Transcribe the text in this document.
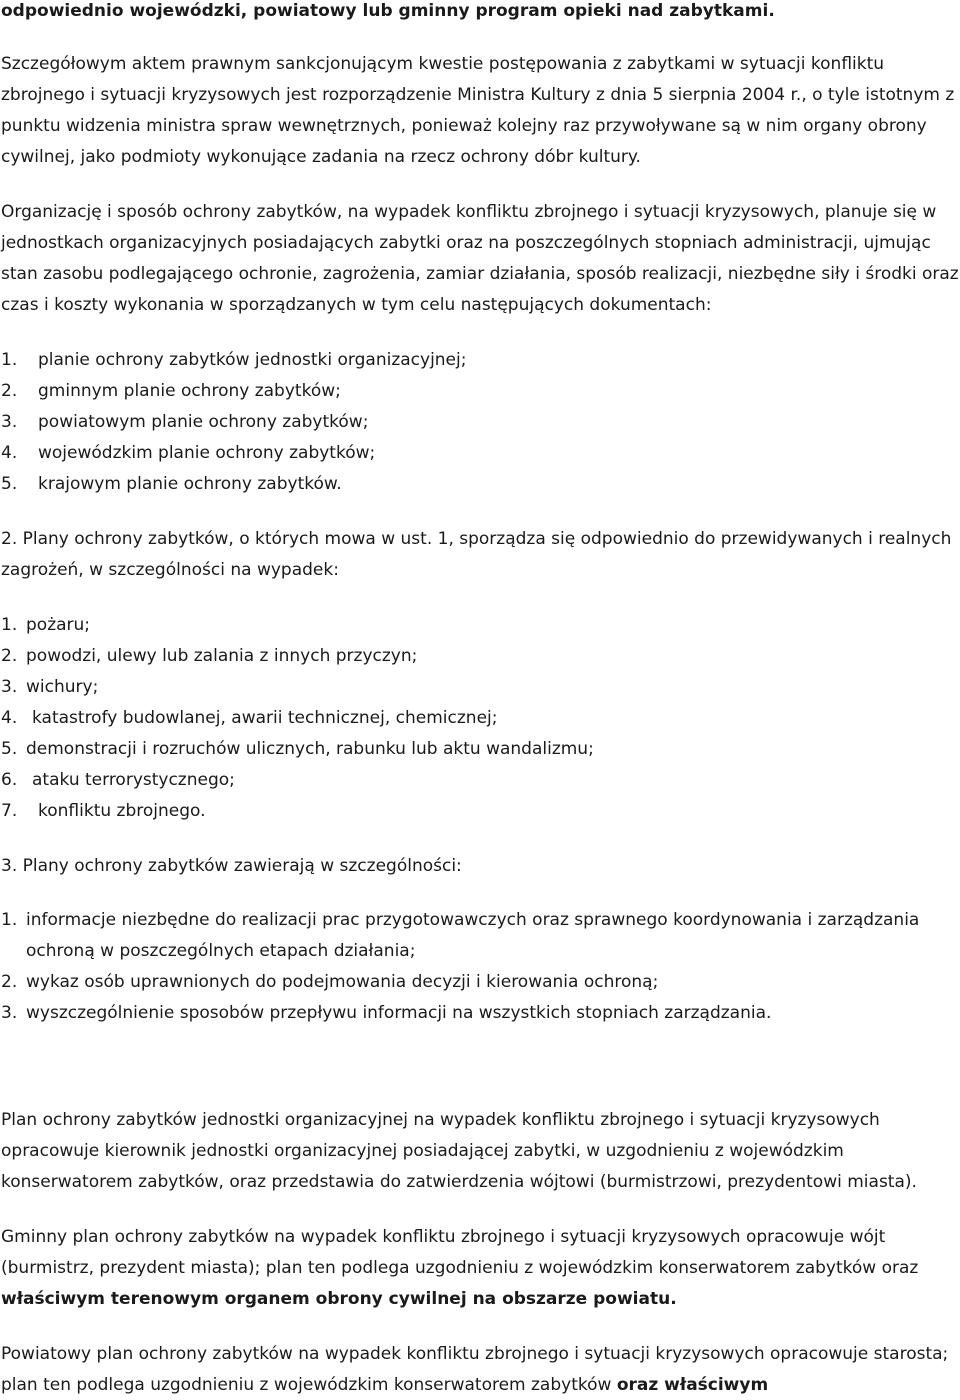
odpowiednio wojewódzki, powiatowy lub gminny program opieki nad zabytkami.
Szczegółowym aktem prawnym sankcjonującym kwestie postępowania z zabytkami w sytuacji konfliktu zbrojnego i sytuacji kryzysowych jest rozporządzenie Ministra Kultury z dnia 5 sierpnia 2004 r., o tyle istotnym z punktu widzenia ministra spraw wewnętrznych, ponieważ kolejny raz przywoływane są w nim organy obrony cywilnej, jako podmioty wykonujące zadania na rzecz ochrony dóbr kultury.
Organizację i sposób ochrony zabytków, na wypadek konfliktu zbrojnego i sytuacji kryzysowych, planuje się w jednostkach organizacyjnych posiadających zabytki oraz na poszczególnych stopniach administracji, ujmując stan zasobu podlegającego ochronie, zagrożenia, zamiar działania, sposób realizacji, niezbędne siły i środki oraz czas i koszty wykonania w sporządzanych w tym celu następujących dokumentach:
1. planie ochrony zabytków jednostki organizacyjnej;
2. gminnym planie ochrony zabytków;
3. powiatowym planie ochrony zabytków;
4. wojewódzkim planie ochrony zabytków;
5. krajowym planie ochrony zabytków.
2. Plany ochrony zabytków, o których mowa w ust. 1, sporządza się odpowiednio do przewidywanych i realnych zagrożeń, w szczególności na wypadek:
1. pożaru;
2. powodzi, ulewy lub zalania z innych przyczyn;
3. wichury;
4. katastrofy budowlanej, awarii technicznej, chemicznej;
5. demonstracji i rozruchów ulicznych, rabunku lub aktu wandalizmu;
6. ataku terrorystycznego;
7. konfliktu zbrojnego.
3. Plany ochrony zabytków zawierają w szczególności:
1. informacje niezbędne do realizacji prac przygotowawczych oraz sprawnego koordynowania i zarządzania ochroną w poszczególnych etapach działania;
2. wykaz osób uprawnionych do podejmowania decyzji i kierowania ochroną;
3. wyszczególnienie sposobów przepływu informacji na wszystkich stopniach zarządzania.
Plan ochrony zabytków jednostki organizacyjnej na wypadek konfliktu zbrojnego i sytuacji kryzysowych opracowuje kierownik jednostki organizacyjnej posiadającej zabytki, w uzgodnieniu z wojewódzkim konserwatorem zabytków, oraz przedstawia do zatwierdzenia wójtowi (burmistrzowi, prezydentowi miasta).
Gminny plan ochrony zabytków na wypadek konfliktu zbrojnego i sytuacji kryzysowych opracowuje wójt (burmistrz, prezydent miasta); plan ten podlega uzgodnieniu z wojewódzkim konserwatorem zabytków oraz właściwym terenowym organem obrony cywilnej na obszarze powiatu.
Powiatowy plan ochrony zabytków na wypadek konfliktu zbrojnego i sytuacji kryzysowych opracowuje starosta; plan ten podlega uzgodnieniu z wojewódzkim konserwatorem zabytków oraz właściwym
